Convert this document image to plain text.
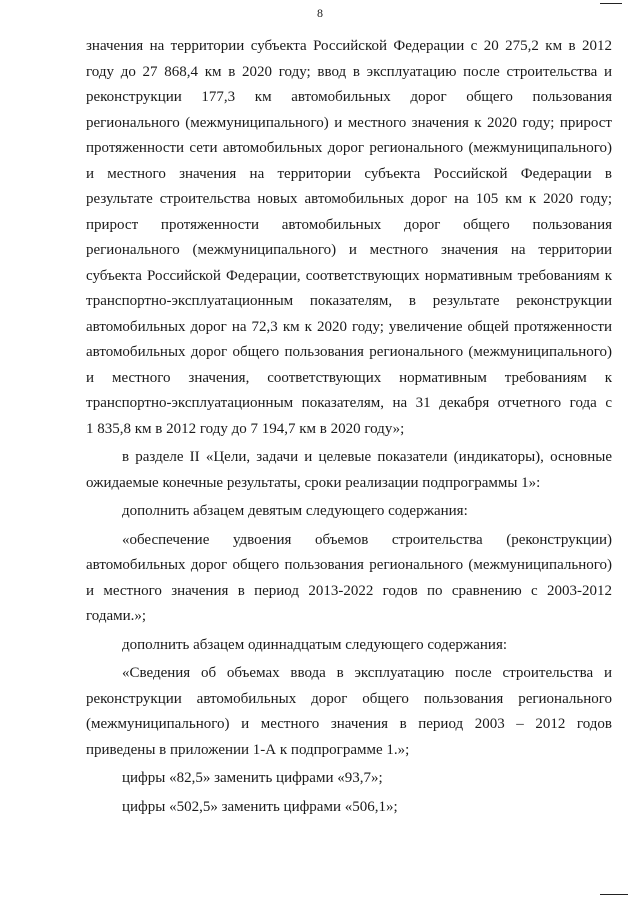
8
значения на территории субъекта Российской Федерации с 20 275,2 км в 2012
году до 27 868,4 км в 2020 году; ввод в эксплуатацию после строительства и
реконструкции 177,3 км автомобильных дорог общего пользования
регионального (межмуниципального) и местного значения к 2020 году; прирост
протяженности сети автомобильных дорог регионального (межмуниципального)
и местного значения на территории субъекта Российской Федерации в
результате строительства новых автомобильных дорог на 105 км к 2020 году;
прирост протяженности автомобильных дорог общего пользования
регионального (межмуниципального) и местного значения на территории
субъекта Российской Федерации, соответствующих нормативным требованиям к
транспортно-эксплуатационным показателям, в результате реконструкции
автомобильных дорог на 72,3 км к 2020 году; увеличение общей протяженности
автомобильных дорог общего пользования регионального (межмуниципального)
и местного значения, соответствующих нормативным требованиям к
транспортно-эксплуатационным показателям, на 31 декабря отчетного года с
1 835,8 км в 2012 году до 7 194,7 км в 2020 году»;
в разделе II «Цели, задачи и целевые показатели (индикаторы), основные
ожидаемые конечные результаты, сроки реализации подпрограммы 1»:
дополнить абзацем девятым следующего содержания:
«обеспечение удвоения объемов строительства (реконструкции)
автомобильных дорог общего пользования регионального (межмуниципального)
и местного значения в период 2013-2022 годов по сравнению с 2003-2012
годами.»;
дополнить абзацем одиннадцатым следующего содержания:
«Сведения об объемах ввода в эксплуатацию после строительства и
реконструкции автомобильных дорог общего пользования регионального
(межмуниципального) и местного значения в период 2003 – 2012 годов
приведены в приложении 1-А к подпрограмме 1.»;
цифры «82,5» заменить цифрами «93,7»;
цифры «502,5» заменить цифрами «506,1»;
